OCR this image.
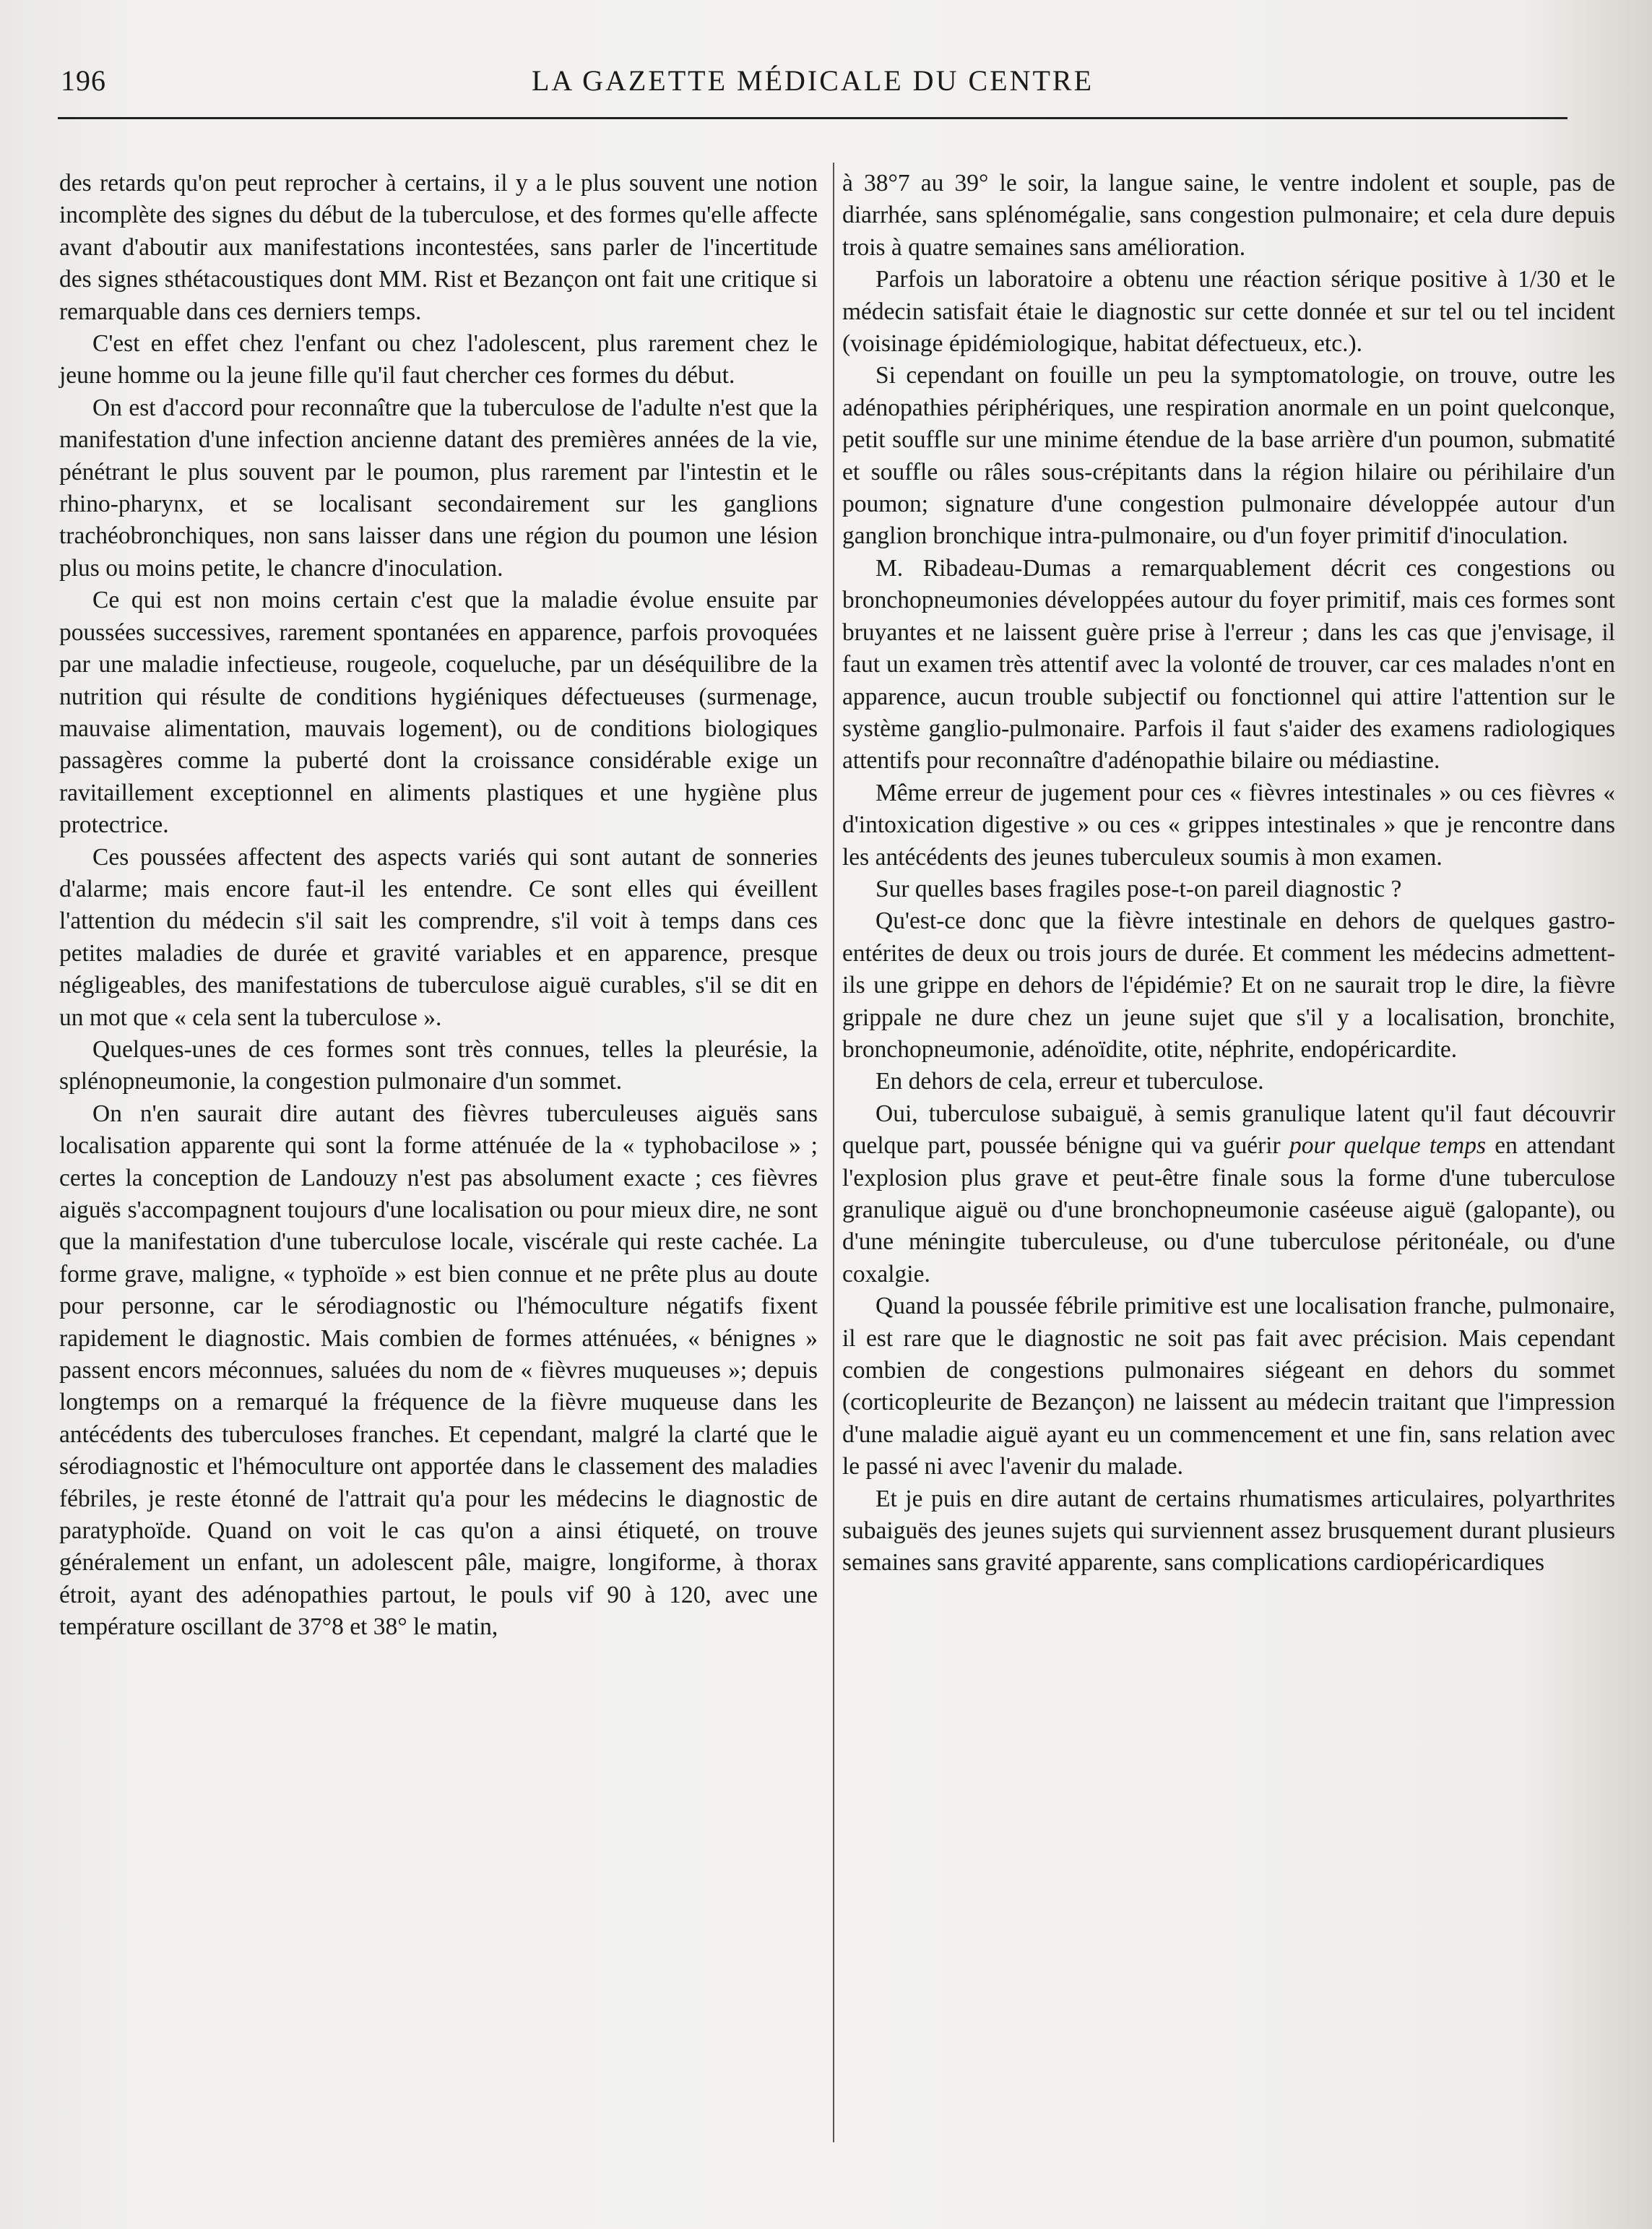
196	LA GAZETTE MÉDICALE DU CENTRE

des retards qu'on peut reprocher à certains, il y a le plus souvent une notion incomplète des signes du début de la tuberculose, et des formes qu'elle affecte avant d'aboutir aux manifestations incontestées, sans parler de l'incertitude des signes sthétacoustiques dont MM. Rist et Bezançon ont fait une critique si remarquable dans ces derniers temps.

C'est en effet chez l'enfant ou chez l'adolescent, plus rarement chez le jeune homme ou la jeune fille qu'il faut chercher ces formes du début.

On est d'accord pour reconnaître que la tuberculose de l'adulte n'est que la manifestation d'une infection ancienne datant des premières années de la vie, pénétrant le plus souvent par le poumon, plus rarement par l'intestin et le rhino-pharynx, et se localisant secondairement sur les ganglions trachéobronchiques, non sans laisser dans une région du poumon une lésion plus ou moins petite, le chancre d'inoculation.

Ce qui est non moins certain c'est que la maladie évolue ensuite par poussées successives, rarement spontanées en apparence, parfois provoquées par une maladie infectieuse, rougeole, coqueluche, par un déséquilibre de la nutrition qui résulte de conditions hygiéniques défectueuses (surmenage, mauvaise alimentation, mauvais logement), ou de conditions biologiques passagères comme la puberté dont la croissance considérable exige un ravitaillement exceptionnel en aliments plastiques et une hygiène plus protectrice.

Ces poussées affectent des aspects variés qui sont autant de sonneries d'alarme; mais encore faut-il les entendre. Ce sont elles qui éveillent l'attention du médecin s'il sait les comprendre, s'il voit à temps dans ces petites maladies de durée et gravité variables et en apparence, presque négligeables, des manifestations de tuberculose aiguë curables, s'il se dit en un mot que « cela sent la tuberculose ».

Quelques-unes de ces formes sont très connues, telles la pleurésie, la splénopneumonie, la congestion pulmonaire d'un sommet.

On n'en saurait dire autant des fièvres tuberculeuses aiguës sans localisation apparente qui sont la forme atténuée de la « typhobacilose » ; certes la conception de Landouzy n'est pas absolument exacte ; ces fièvres aiguës s'accompagnent toujours d'une localisation ou pour mieux dire, ne sont que la manifestation d'une tuberculose locale, viscérale qui reste cachée. La forme grave, maligne, « typhoïde » est bien connue et ne prête plus au doute pour personne, car le sérodiagnostic ou l'hémoculture négatifs fixent rapidement le diagnostic. Mais combien de formes atténuées, « bénignes » passent encors méconnues, saluées du nom de « fièvres muqueuses »; depuis longtemps on a remarqué la fréquence de la fièvre muqueuse dans les antécédents des tuberculoses franches. Et cependant, malgré la clarté que le sérodiagnostic et l'hémoculture ont apportée dans le classement des maladies fébriles, je reste étonné de l'attrait qu'a pour les médecins le diagnostic de paratyphoïde. Quand on voit le cas qu'on a ainsi étiqueté, on trouve généralement un enfant, un adolescent pâle, maigre, longiforme, à thorax étroit, ayant des adénopathies partout, le pouls vif 90 à 120, avec une température oscillant de 37°8 et 38° le matin,

à 38°7 au 39° le soir, la langue saine, le ventre indolent et souple, pas de diarrhée, sans splénomégalie, sans congestion pulmonaire; et cela dure depuis trois à quatre semaines sans amélioration.

Parfois un laboratoire a obtenu une réaction sérique positive à 1/30 et le médecin satisfait étaie le diagnostic sur cette donnée et sur tel ou tel incident (voisinage épidémiologique, habitat défectueux, etc.).

Si cependant on fouille un peu la symptomatologie, on trouve, outre les adénopathies périphériques, une respiration anormale en un point quelconque, petit souffle sur une minime étendue de la base arrière d'un poumon, submatité et souffle ou râles sous-crépitants dans la région hilaire ou périhilaire d'un poumon; signature d'une congestion pulmonaire développée autour d'un ganglion bronchique intra-pulmonaire, ou d'un foyer primitif d'inoculation.

M. Ribadeau-Dumas a remarquablement décrit ces congestions ou bronchopneumonies développées autour du foyer primitif, mais ces formes sont bruyantes et ne laissent guère prise à l'erreur ; dans les cas que j'envisage, il faut un examen très attentif avec la volonté de trouver, car ces malades n'ont en apparence, aucun trouble subjectif ou fonctionnel qui attire l'attention sur le système ganglio-pulmonaire. Parfois il faut s'aider des examens radiologiques attentifs pour reconnaître d'adénopathie bilaire ou médiastine.

Même erreur de jugement pour ces « fièvres intestinales » ou ces fièvres « d'intoxication digestive » ou ces « grippes intestinales » que je rencontre dans les antécédents des jeunes tuberculeux soumis à mon examen.

Sur quelles bases fragiles pose-t-on pareil diagnostic ?

Qu'est-ce donc que la fièvre intestinale en dehors de quelques gastro-entérites de deux ou trois jours de durée. Et comment les médecins admettent-ils une grippe en dehors de l'épidémie? Et on ne saurait trop le dire, la fièvre grippale ne dure chez un jeune sujet que s'il y a localisation, bronchite, bronchopneumonie, adénoïdite, otite, néphrite, endopéricardite.

En dehors de cela, erreur et tuberculose.

Oui, tuberculose subaiguë, à semis granulique latent qu'il faut découvrir quelque part, poussée bénigne qui va guérir pour quelque temps en attendant l'explosion plus grave et peut-être finale sous la forme d'une tuberculose granulique aiguë ou d'une bronchopneumonie caséeuse aiguë (galopante), ou d'une méningite tuberculeuse, ou d'une tuberculose péritonéale, ou d'une coxalgie.

Quand la poussée fébrile primitive est une localisation franche, pulmonaire, il est rare que le diagnostic ne soit pas fait avec précision. Mais cependant combien de congestions pulmonaires siégeant en dehors du sommet (corticopleurite de Bezançon) ne laissent au médecin traitant que l'impression d'une maladie aiguë ayant eu un commencement et une fin, sans relation avec le passé ni avec l'avenir du malade.

Et je puis en dire autant de certains rhumatismes articulaires, polyarthrites subaiguës des jeunes sujets qui surviennent assez brusquement durant plusieurs semaines sans gravité apparente, sans complications cardiopéricardiques
